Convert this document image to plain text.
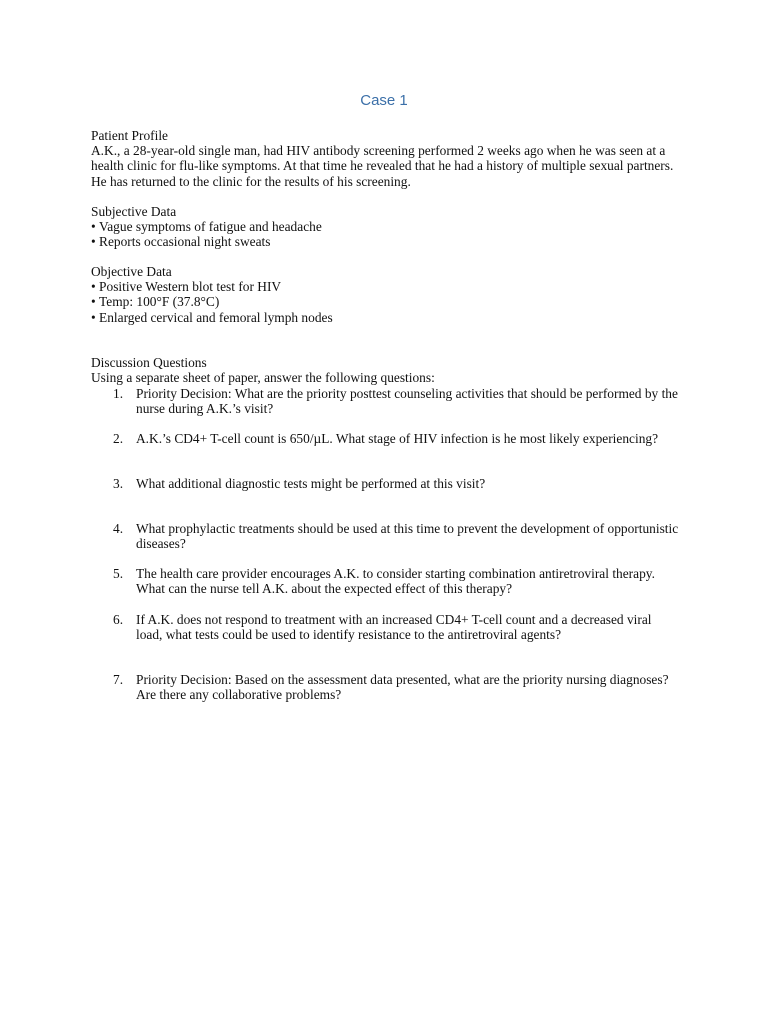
Case 1

Patient Profile

A.K., a 28-year-old single man, had HIV antibody screening performed 2 weeks ago when he was seen at a health clinic for flu-like symptoms. At that time he revealed that he had a history of multiple sexual partners. He has returned to the clinic for the results of his screening.

Subjective Data

• Vague symptoms of fatigue and headache
• Reports occasional night sweats

Objective Data

• Positive Western blot test for HIV
• Temp: 100°F (37.8°C)
• Enlarged cervical and femoral lymph nodes

Discussion Questions

Using a separate sheet of paper, answer the following questions:

1. Priority Decision: What are the priority posttest counseling activities that should be performed by the nurse during A.K.’s visit?
2. A.K.’s CD4+ T-cell count is 650/µL. What stage of HIV infection is he most likely experiencing?
3. What additional diagnostic tests might be performed at this visit?
4. What prophylactic treatments should be used at this time to prevent the development of opportunistic diseases?
5. The health care provider encourages A.K. to consider starting combination antiretroviral therapy. What can the nurse tell A.K. about the expected effect of this therapy?
6. If A.K. does not respond to treatment with an increased CD4+ T-cell count and a decreased viral load, what tests could be used to identify resistance to the antiretroviral agents?
7. Priority Decision: Based on the assessment data presented, what are the priority nursing diagnoses? Are there any collaborative problems?
